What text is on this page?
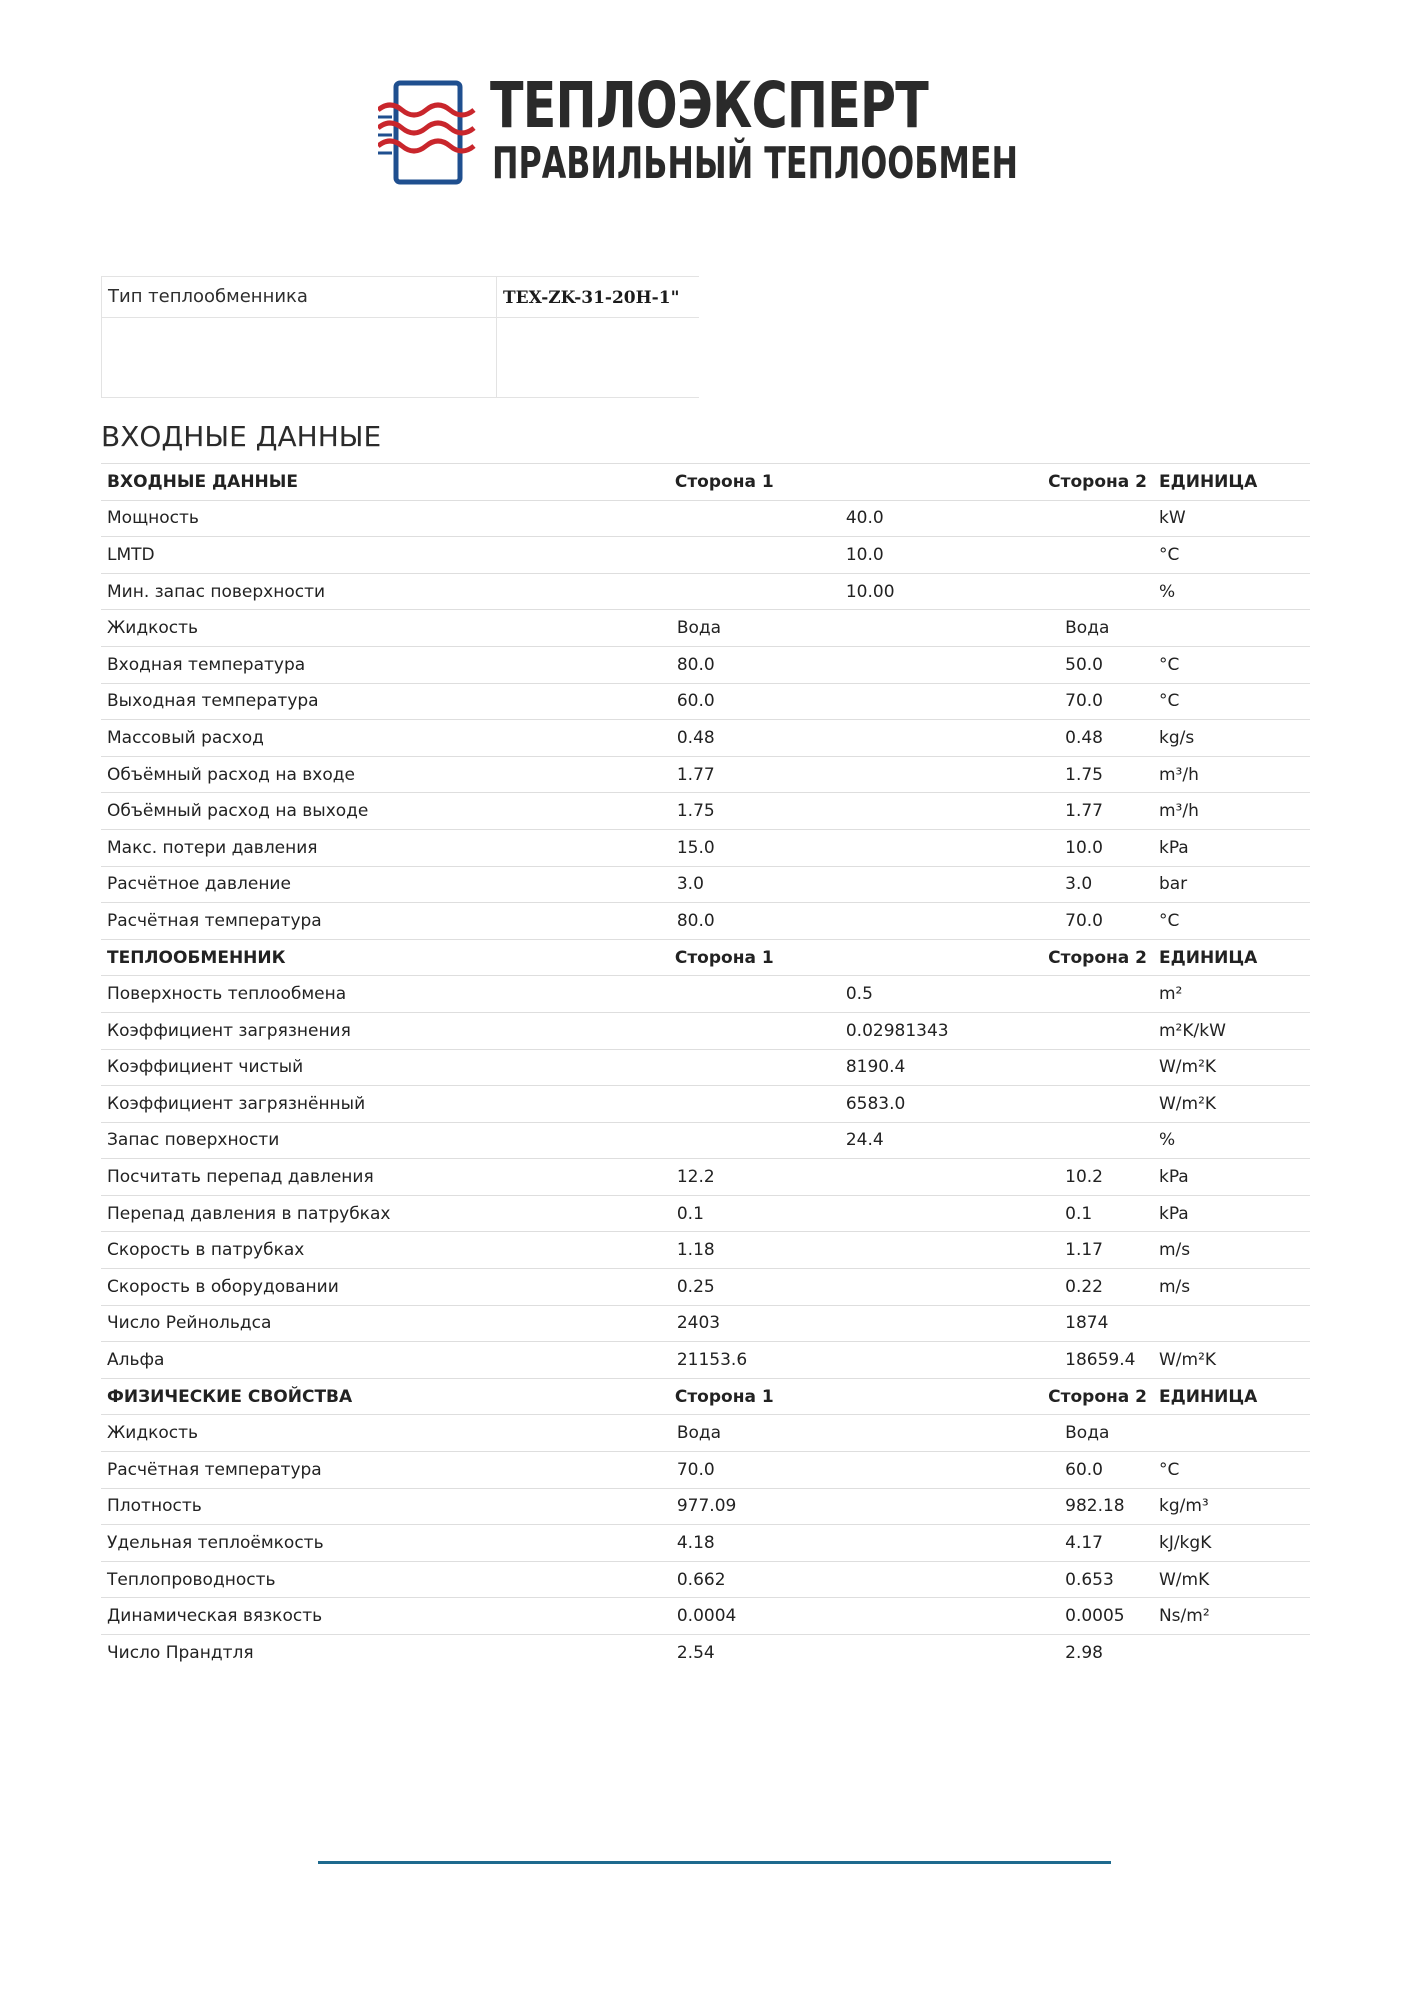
ТЕПЛОЭКСПЕРТ
ПРАВИЛЬНЫЙ ТЕПЛООБМЕН
Тип теплообменника	TEX-ZK-31-20H-1"
ВХОДНЫЕ ДАННЫЕ
ВХОДНЫЕ ДАННЫЕ	Сторона 1	Сторона 2	ЕДИНИЦА
Мощность	40.0		kW
LMTD	10.0		°C
Мин. запас поверхности	10.00		%
Жидкость	Вода	Вода	
Входная температура	80.0	50.0	°C
Выходная температура	60.0	70.0	°C
Массовый расход	0.48	0.48	kg/s
Объёмный расход на входе	1.77	1.75	m³/h
Объёмный расход на выходе	1.75	1.77	m³/h
Макс. потери давления	15.0	10.0	kPa
Расчётное давление	3.0	3.0	bar
Расчётная температура	80.0	70.0	°C
ТЕПЛООБМЕННИК	Сторона 1	Сторона 2	ЕДИНИЦА
Поверхность теплообмена	0.5		m²
Коэффициент загрязнения	0.02981343		m²K/kW
Коэффициент чистый	8190.4		W/m²K
Коэффициент загрязнённый	6583.0		W/m²K
Запас поверхности	24.4		%
Посчитать перепад давления	12.2	10.2	kPa
Перепад давления в патрубках	0.1	0.1	kPa
Скорость в патрубках	1.18	1.17	m/s
Скорость в оборудовании	0.25	0.22	m/s
Число Рейнольдса	2403	1874	
Альфа	21153.6	18659.4	W/m²K
ФИЗИЧЕСКИЕ СВОЙСТВА	Сторона 1	Сторона 2	ЕДИНИЦА
Жидкость	Вода	Вода	
Расчётная температура	70.0	60.0	°C
Плотность	977.09	982.18	kg/m³
Удельная теплоёмкость	4.18	4.17	kJ/kgK
Теплопроводность	0.662	0.653	W/mK
Динамическая вязкость	0.0004	0.0005	Ns/m²
Число Прандтля	2.54	2.98	
